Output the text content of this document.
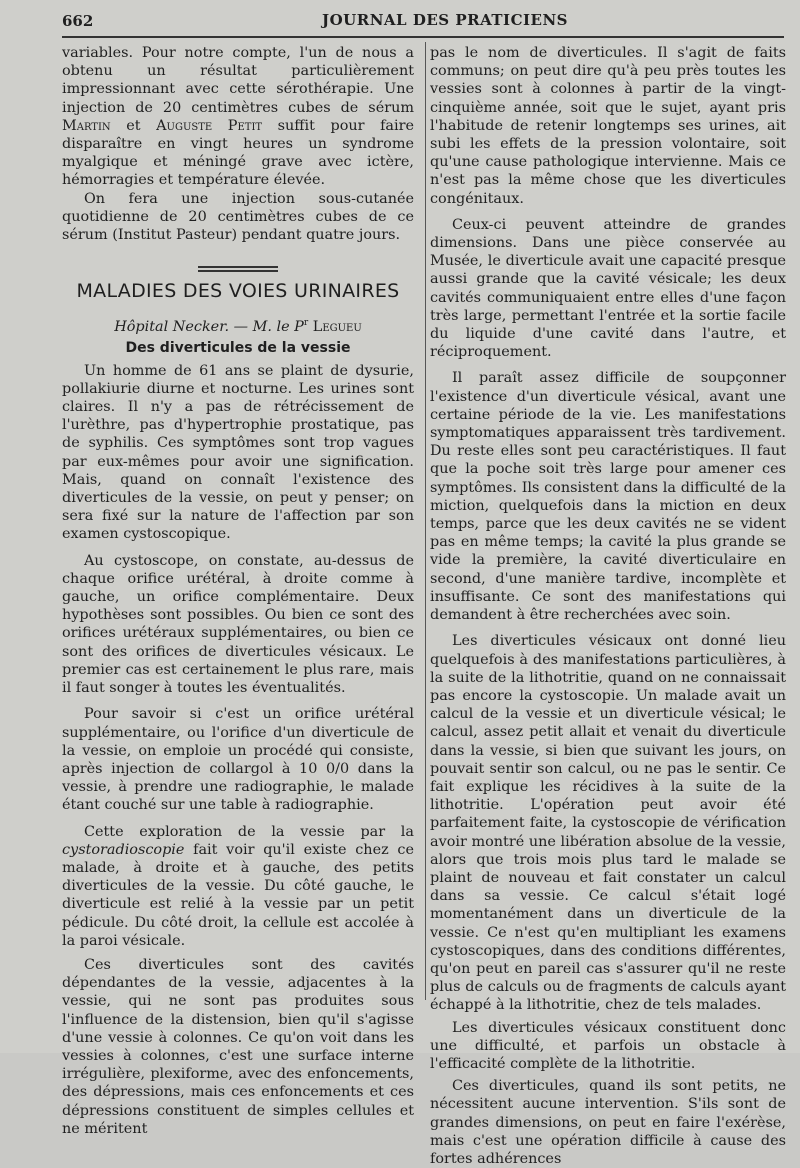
662	JOURNAL DES PRATICIENS

variables. Pour notre compte, l'un de nous a obtenu un résultat particulièrement impressionnant avec cette sérothérapie. Une injection de 20 centimètres cubes de sérum Martin et Auguste Petit suffit pour faire disparaître en vingt heures un syndrome myalgique et méningé grave avec ictère, hémorragies et température élevée.

On fera une injection sous-cutanée quotidienne de 20 centimètres cubes de ce sérum (Institut Pasteur) pendant quatre jours.

MALADIES DES VOIES URINAIRES
Hôpital Necker. — M. le $P^r$ Legueu
Des diverticules de la vessie

Un homme de 61 ans se plaint de dysurie, pollakiurie diurne et nocturne. Les urines sont claires. Il n'y a pas de rétrécissement de l'urèthre, pas d'hypertrophie prostatique, pas de syphilis. Ces symptômes sont trop vagues par eux-mêmes pour avoir une signification. Mais, quand on connaît l'existence des diverticules de la vessie, on peut y penser; on sera fixé sur la nature de l'affection par son examen cystoscopique.

Au cystoscope, on constate, au-dessus de chaque orifice urétéral, à droite comme à gauche, un orifice complémentaire. Deux hypothèses sont possibles. Ou bien ce sont des orifices urétéraux supplémentaires, ou bien ce sont des orifices de diverticules vésicaux. Le premier cas est certainement le plus rare, mais il faut songer à toutes les éventualités.

Pour savoir si c'est un orifice urétéral supplémentaire, ou l'orifice d'un diverticule de la vessie, on emploie un procédé qui consiste, après injection de collargol à 10 0/0 dans la vessie, à prendre une radiographie, le malade étant couché sur une table à radiographie.

Cette exploration de la vessie par la cystoradioscopie fait voir qu'il existe chez ce malade, à droite et à gauche, des petits diverticules de la vessie. Du côté gauche, le diverticule est relié à la vessie par un petit pédicule. Du côté droit, la cellule est accolée à la paroi vésicale.

Ces diverticules sont des cavités dépendantes de la vessie, adjacentes à la vessie, qui ne sont pas produites sous l'influence de la distension, bien qu'il s'agisse d'une vessie à colonnes. Ce qu'on voit dans les vessies à colonnes, c'est une surface interne irrégulière, plexiforme, avec des enfoncements, des dépressions, mais ces enfoncements et ces dépressions constituent de simples cellules et ne méritent

pas le nom de diverticules. Il s'agit de faits communs; on peut dire qu'à peu près toutes les vessies sont à colonnes à partir de la vingt-cinquième année, soit que le sujet, ayant pris l'habitude de retenir longtemps ses urines, ait subi les effets de la pression volontaire, soit qu'une cause pathologique intervienne. Mais ce n'est pas la même chose que les diverticules congénitaux.

Ceux-ci peuvent atteindre de grandes dimensions. Dans une pièce conservée au Musée, le diverticule avait une capacité presque aussi grande que la cavité vésicale; les deux cavités communiquaient entre elles d'une façon très large, permettant l'entrée et la sortie facile du liquide d'une cavité dans l'autre, et réciproquement.

Il paraît assez difficile de soupçonner l'existence d'un diverticule vésical, avant une certaine période de la vie. Les manifestations symptomatiques apparaissent très tardivement. Du reste elles sont peu caractéristiques. Il faut que la poche soit très large pour amener ces symptômes. Ils consistent dans la difficulté de la miction, quelquefois dans la miction en deux temps, parce que les deux cavités ne se vident pas en même temps; la cavité la plus grande se vide la première, la cavité diverticulaire en second, d'une manière tardive, incomplète et insuffisante. Ce sont des manifestations qui demandent à être recherchées avec soin.

Les diverticules vésicaux ont donné lieu quelquefois à des manifestations particulières, à la suite de la lithotritie, quand on ne connaissait pas encore la cystoscopie. Un malade avait un calcul de la vessie et un diverticule vésical; le calcul, assez petit allait et venait du diverticule dans la vessie, si bien que suivant les jours, on pouvait sentir son calcul, ou ne pas le sentir. Ce fait explique les récidives à la suite de la lithotritie. L'opération peut avoir été parfaitement faite, la cystoscopie de vérification avoir montré une libération absolue de la vessie, alors que trois mois plus tard le malade se plaint de nouveau et fait constater un calcul dans sa vessie. Ce calcul s'était logé momentanément dans un diverticule de la vessie. Ce n'est qu'en multipliant les examens cystoscopiques, dans des conditions différentes, qu'on peut en pareil cas s'assurer qu'il ne reste plus de calculs ou de fragments de calculs ayant échappé à la lithotritie, chez de tels malades.

Les diverticules vésicaux constituent donc une difficulté, et parfois un obstacle à l'efficacité complète de la lithotritie.

Ces diverticules, quand ils sont petits, ne nécessitent aucune intervention. S'ils sont de grandes dimensions, on peut en faire l'exérèse, mais c'est une opération difficile à cause des fortes adhérences
